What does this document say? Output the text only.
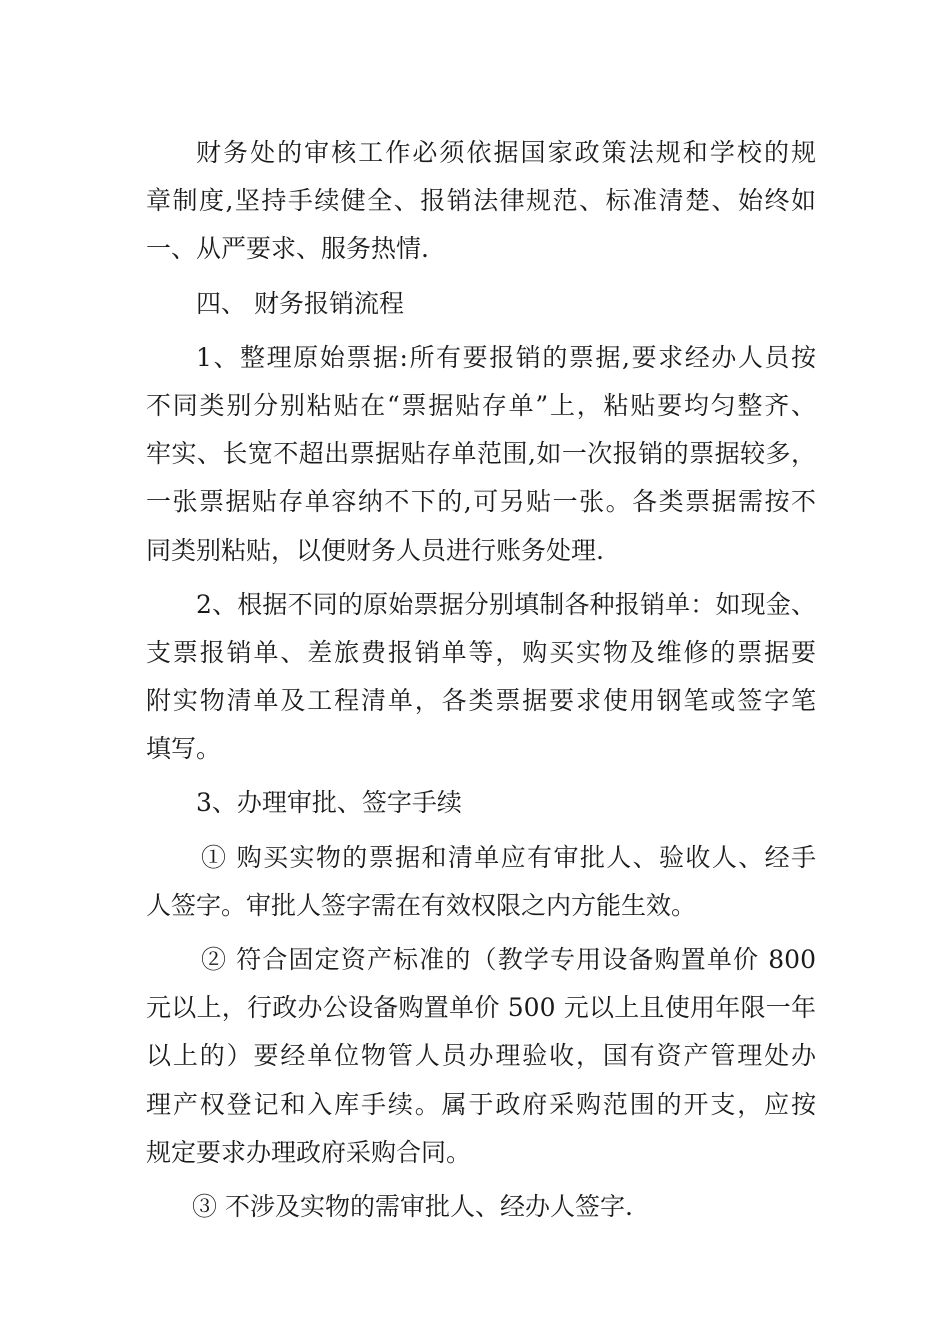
财务处的审核工作必须依据国家政策法规和学校的规
章制度,坚持手续健全、报销法律规范、标准清楚、始终如
一、从严要求、服务热情.
四、 财务报销流程
1、整理原始票据:所有要报销的票据,要求经办人员按
不同类别分别粘贴在“票据贴存单”上，粘贴要均匀整齐、
牢实、长宽不超出票据贴存单范围,如一次报销的票据较多，
一张票据贴存单容纳不下的,可另贴一张。各类票据需按不
同类别粘贴，以便财务人员进行账务处理.
2、根据不同的原始票据分别填制各种报销单：如现金、
支票报销单、差旅费报销单等，购买实物及维修的票据要
附实物清单及工程清单，各类票据要求使用钢笔或签字笔
填写。
3、办理审批、签字手续
① 购买实物的票据和清单应有审批人、验收人、经手
人签字。审批人签字需在有效权限之内方能生效。
② 符合固定资产标准的（教学专用设备购置单价 800
元以上，行政办公设备购置单价 500 元以上且使用年限一年
以上的）要经单位物管人员办理验收，国有资产管理处办
理产权登记和入库手续。属于政府采购范围的开支，应按
规定要求办理政府采购合同。
③ 不涉及实物的需审批人、经办人签字.
